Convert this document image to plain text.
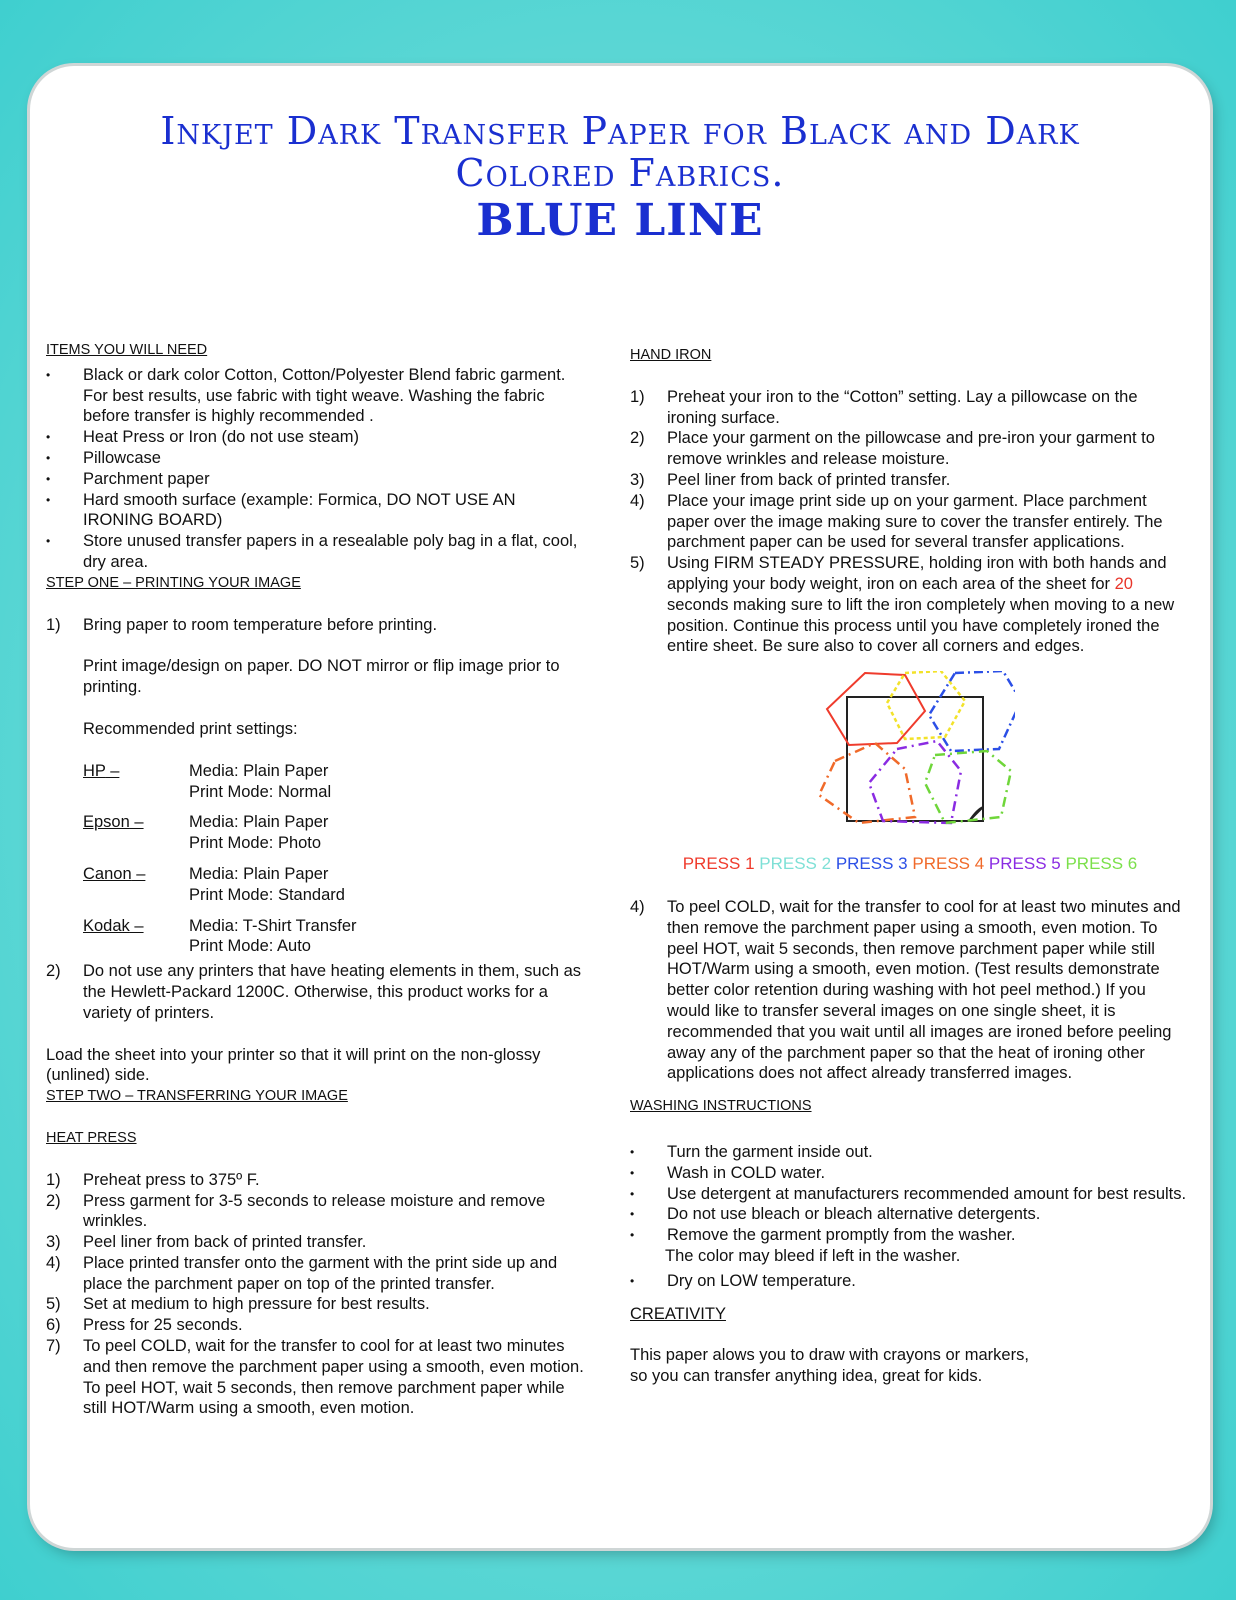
Inkjet Dark Transfer Paper for Black and Dark
Colored Fabrics.
BLUE LINE
ITEMS YOU WILL NEED
• Black or dark color Cotton, Cotton/Polyester Blend fabric garment. For best results, use fabric with tight weave. Washing the fabric before transfer is highly recommended .
• Heat Press or Iron (do not use steam)
• Pillowcase
• Parchment paper
• Hard smooth surface (example: Formica, DO NOT USE AN IRONING BOARD)
• Store unused transfer papers in a resealable poly bag in a flat, cool, dry area.
STEP ONE – PRINTING YOUR IMAGE
1) Bring paper to room temperature before printing.
Print image/design on paper. DO NOT mirror or flip image prior to printing.
Recommended print settings:
HP –	Media: Plain Paper
Print Mode: Normal
Epson –	Media: Plain Paper
Print Mode: Photo
Canon –	Media: Plain Paper
Print Mode: Standard
Kodak –	Media: T-Shirt Transfer
Print Mode: Auto
2) Do not use any printers that have heating elements in them, such as the Hewlett-Packard 1200C. Otherwise, this product works for a variety of printers.
Load the sheet into your printer so that it will print on the non-glossy (unlined) side.
STEP TWO – TRANSFERRING YOUR IMAGE
HEAT PRESS
1) Preheat press to 375º F.
2) Press garment for 3-5 seconds to release moisture and remove wrinkles.
3) Peel liner from back of printed transfer.
4) Place printed transfer onto the garment with the print side up and place the parchment paper on top of the printed transfer.
5) Set at medium to high pressure for best results.
6) Press for 25 seconds.
7) To peel COLD, wait for the transfer to cool for at least two minutes and then remove the parchment paper using a smooth, even motion. To peel HOT, wait 5 seconds, then remove parchment paper while still HOT/Warm using a smooth, even motion.
HAND IRON
1) Preheat your iron to the “Cotton” setting. Lay a pillowcase on the ironing surface.
2) Place your garment on the pillowcase and pre-iron your garment to remove wrinkles and release moisture.
3) Peel liner from back of printed transfer.
4) Place your image print side up on your garment. Place parchment paper over the image making sure to cover the transfer entirely. The parchment paper can be used for several transfer applications.
5) Using FIRM STEADY PRESSURE, holding iron with both hands and applying your body weight, iron on each area of the sheet for 20 seconds making sure to lift the iron completely when moving to a new position. Continue this process until you have completely ironed the entire sheet. Be sure also to cover all corners and edges.
PRESS 1 PRESS 2 PRESS 3 PRESS 4 PRESS 5 PRESS 6
4) To peel COLD, wait for the transfer to cool for at least two minutes and then remove the parchment paper using a smooth, even motion. To peel HOT, wait 5 seconds, then remove parchment paper while still HOT/Warm using a smooth, even motion. (Test results demonstrate better color retention during washing with hot peel method.) If you would like to transfer several images on one single sheet, it is recommended that you wait until all images are ironed before peeling away any of the parchment paper so that the heat of ironing other applications does not affect already transferred images.
WASHING INSTRUCTIONS
• Turn the garment inside out.
• Wash in COLD water.
• Use detergent at manufacturers recommended amount for best results.
• Do not use bleach or bleach alternative detergents.
• Remove the garment promptly from the washer.
The color may bleed if left in the washer.
• Dry on LOW temperature.
CREATIVITY
This paper alows you to draw with crayons or markers,
so you can transfer anything idea, great for kids.
